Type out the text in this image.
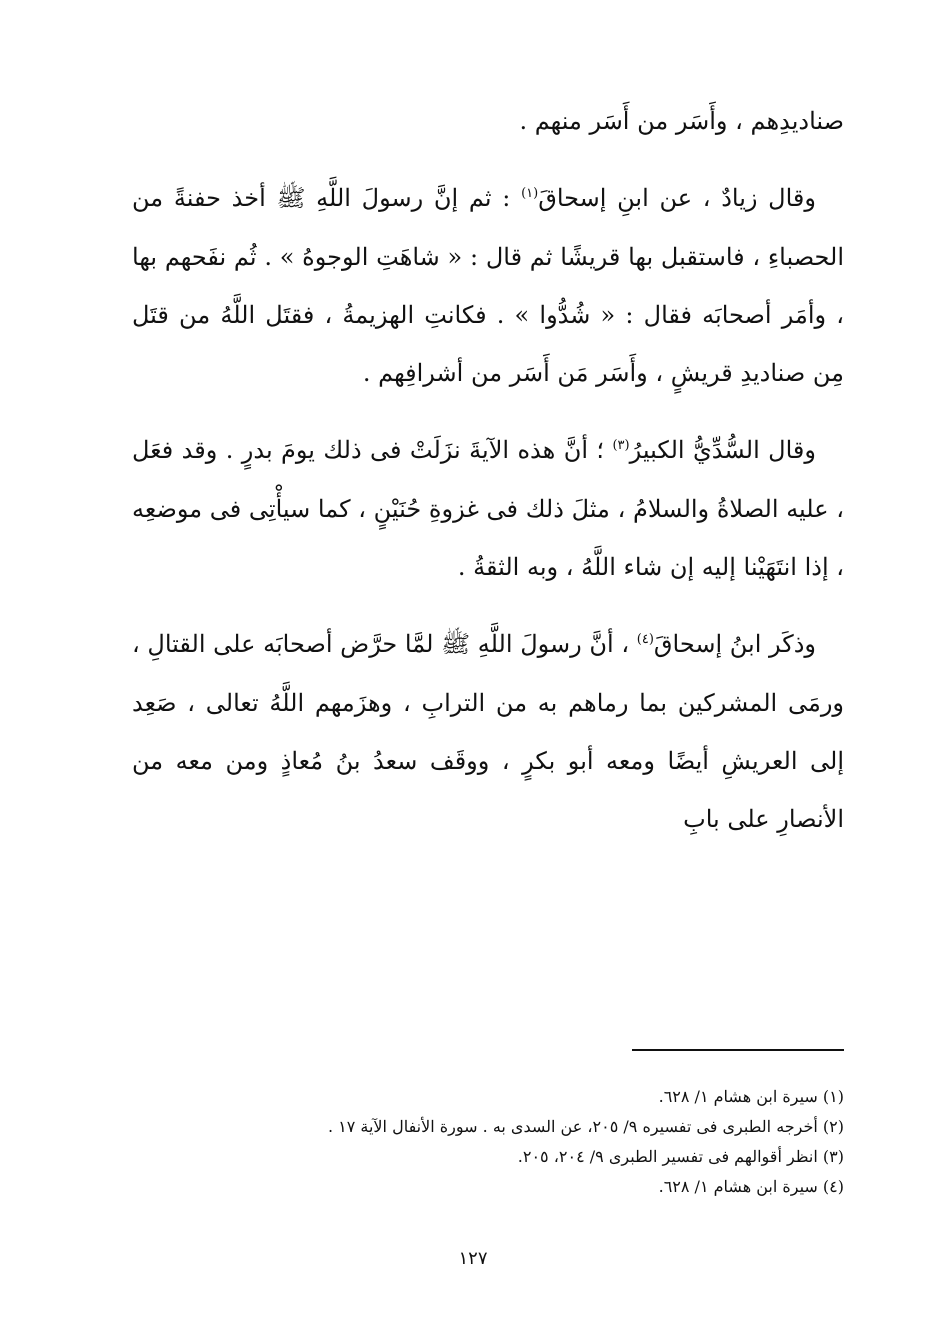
صناديدِهم ، وأَسَر من أَسَر منهم .

وقال زيادٌ ، عن ابنِ إسحاقَ$^{(١)}$ : ثم إنَّ رسولَ اللَّهِ ﷺ أخذ حفنةً من الحصباءِ ، فاستقبل بها قريشًا ثم قال : « شاهَتِ الوجوهُ » . ثُم نفَحهم بها ، وأمَر أصحابَه فقال : « شُدُّوا » . فكانتِ الهزيمةُ ، فقتَل اللَّهُ من قتَل مِن صناديدِ قريشٍ ، وأَسَر مَن أَسَر من أشرافِهم .

وقال السُّدِّيُّ الكبيرُ$^{(٣)}$ ؛ أنَّ هذه الآيةَ نزَلَتْ فى ذلك يومَ بدرٍ . وقد فعَل ، عليه الصلاةُ والسلامُ ، مثلَ ذلك فى غزوةِ حُنَيْنٍ ، كما سيأْتِى فى موضعِه ، إذا انتَهَيْنا إليه إن شاء اللَّهُ ، وبه الثقةُ .

وذكَر ابنُ إسحاقَ$^{(٤)}$ ، أنَّ رسولَ اللَّهِ ﷺ لمَّا حرَّض أصحابَه على القتالِ ، ورمَى المشركين بما رماهم به من الترابِ ، وهزَمهم اللَّهُ تعالى ، صَعِد إلى العريشِ أيضًا ومعه أبو بكرٍ ، ووقَف سعدُ بنُ مُعاذٍ ومن معه من الأنصارِ على بابِ

(١) سيرة ابن هشام ١/ ٦٢٨.

(٢) أخرجه الطبرى فى تفسيره ٩/ ٢٠٥، عن السدى به . سورة الأنفال الآية ١٧ .

(٣) انظر أقوالهم فى تفسير الطبرى ٩/ ٢٠٤، ٢٠٥.

(٤) سيرة ابن هشام ١/ ٦٢٨.

١٢٧
